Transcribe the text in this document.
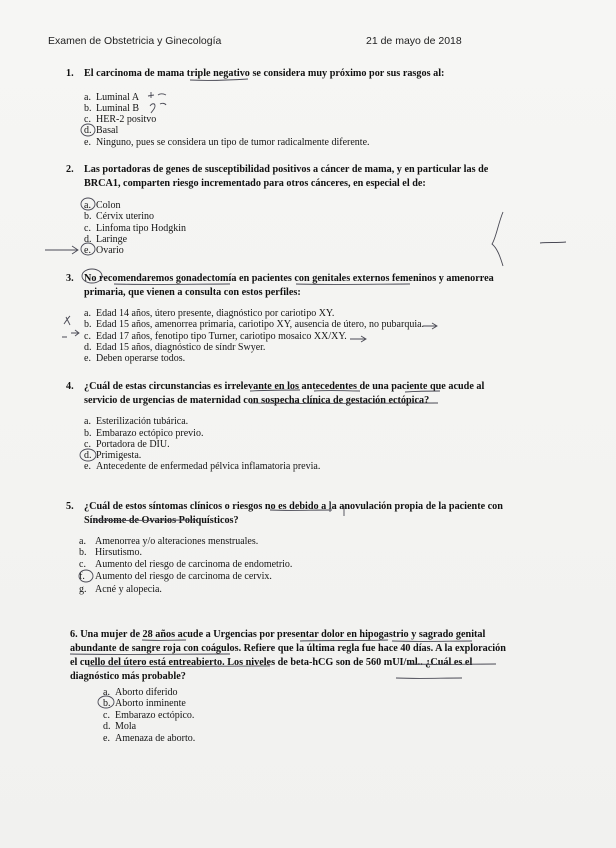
Examen de Obstetricia y Ginecología	21 de mayo de 2018
1. El carcinoma de mama triple negativo se considera muy próximo por sus rasgos al:
a. Luminal A
b. Luminal B
c. HER-2 positvo
d. Basal
e. Ninguno, pues se considera un tipo de tumor radicalmente diferente.
2. Las portadoras de genes de susceptibilidad positivos a cáncer de mama, y en particular las de
BRCA1, comparten riesgo incrementado para otros cánceres, en especial el de:
a. Colon
b. Cérvix uterino
c. Linfoma tipo Hodgkin
d. Laringe
e. Ovario
3. No recomendaremos gonadectomía en pacientes con genitales externos femeninos y amenorrea
primaria, que vienen a consulta con estos perfiles:
a. Edad 14 años, útero presente, diagnóstico por cariotipo XY.
b. Edad 15 años, amenorrea primaria, cariotipo XY, ausencia de útero, no pubarquia.
c. Edad 17 años, fenotipo tipo Turner, cariotipo mosaico XX/XY.
d. Edad 15 años, diagnóstico de síndr Swyer.
e. Deben operarse todos.
4. ¿Cuál de estas circunstancias es irrelevante en los antecedentes de una paciente que acude al
servicio de urgencias de maternidad con sospecha clínica de gestación ectópica?
a. Esterilización tubárica.
b. Embarazo ectópico previo.
c. Portadora de DIU.
d. Primigesta.
e. Antecedente de enfermedad pélvica inflamatoria previa.
5. ¿Cuál de estos síntomas clínicos o riesgos no es debido a la anovulación propia de la paciente con
Síndrome de Ovarios Poliquísticos?
a. Amenorrea y/o alteraciones menstruales.
b. Hirsutismo.
c. Aumento del riesgo de carcinoma de endometrio.
f. Aumento del riesgo de carcinoma de cervix.
g. Acné y alopecia.
6. Una mujer de 28 años acude a Urgencias por presentar dolor en hipogastrio y sagrado genital
abundante de sangre roja con coágulos. Refiere que la última regla fue hace 40 días. A la exploración
el cuello del útero está entreabierto. Los niveles de beta-hCG son de 560 mUI/ml.. ¿Cuál es el
diagnóstico más probable?
a. Aborto diferido
b. Aborto inminente
c. Embarazo ectópico.
d. Mola
e. Amenaza de aborto.
